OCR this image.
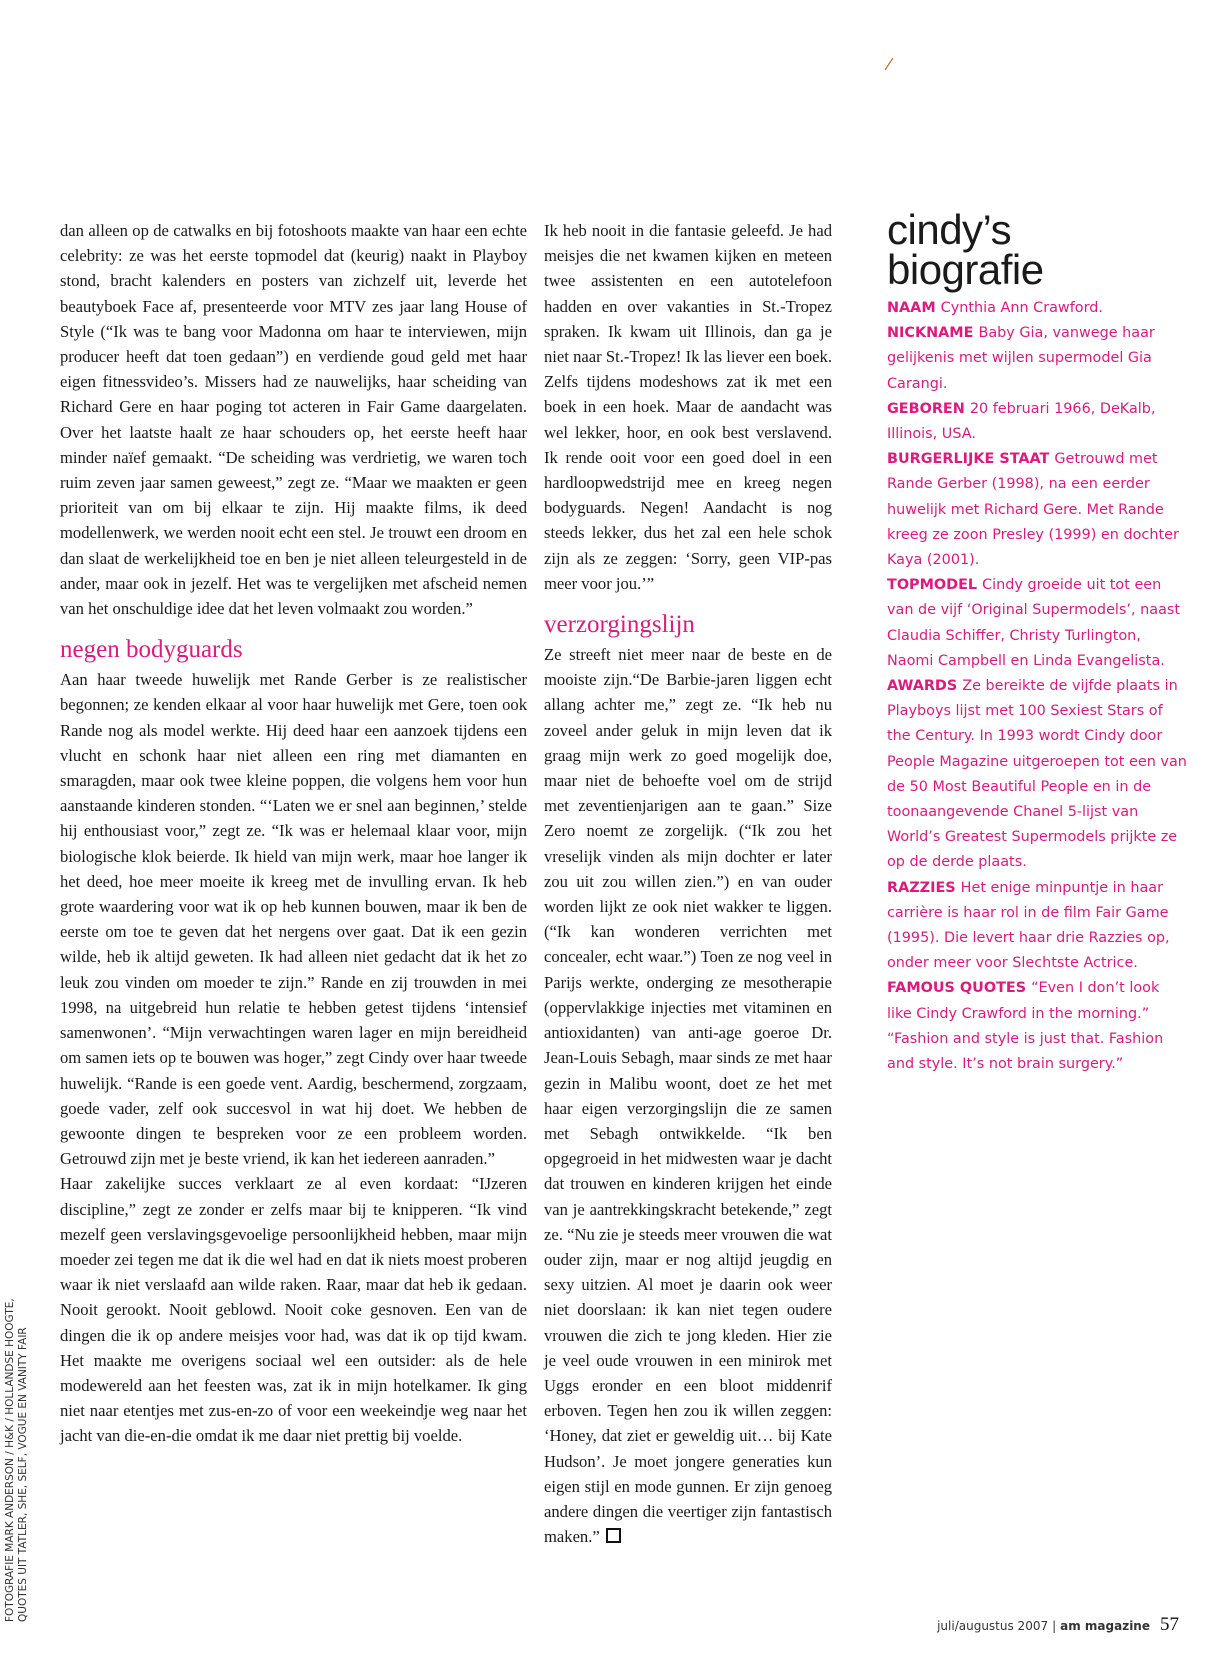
dan alleen op de catwalks en bij fotoshoots maakte van haar een echte celebrity: ze was het eerste topmodel dat (keurig) naakt in Playboy stond, bracht kalenders en posters van zichzelf uit, leverde het beautyboek Face af, presenteerde voor MTV zes jaar lang House of Style (“Ik was te bang voor Madonna om haar te interviewen, mijn producer heeft dat toen gedaan”) en verdiende goud geld met haar eigen fitnessvideo’s. Missers had ze nauwelijks, haar scheiding van Richard Gere en haar poging tot acteren in Fair Game daargelaten. Over het laatste haalt ze haar schouders op, het eerste heeft haar minder naïef gemaakt. “De scheiding was verdrietig, we waren toch ruim zeven jaar samen geweest,” zegt ze. “Maar we maakten er geen prioriteit van om bij elkaar te zijn. Hij maakte films, ik deed modellenwerk, we werden nooit echt een stel. Je trouwt een droom en dan slaat de werkelijkheid toe en ben je niet alleen teleurgesteld in de ander, maar ook in jezelf. Het was te vergelijken met afscheid nemen van het onschuldige idee dat het leven volmaakt zou worden.”

negen bodyguards

Aan haar tweede huwelijk met Rande Gerber is ze realistischer begonnen; ze kenden elkaar al voor haar huwelijk met Gere, toen ook Rande nog als model werkte. Hij deed haar een aanzoek tijdens een vlucht en schonk haar niet alleen een ring met diamanten en smaragden, maar ook twee kleine poppen, die volgens hem voor hun aanstaande kinderen stonden. “‘Laten we er snel aan beginnen,’ stelde hij enthousiast voor,” zegt ze. “Ik was er helemaal klaar voor, mijn biologische klok beierde. Ik hield van mijn werk, maar hoe langer ik het deed, hoe meer moeite ik kreeg met de invulling ervan. Ik heb grote waardering voor wat ik op heb kunnen bouwen, maar ik ben de eerste om toe te geven dat het nergens over gaat. Dat ik een gezin wilde, heb ik altijd geweten. Ik had alleen niet gedacht dat ik het zo leuk zou vinden om moeder te zijn.” Rande en zij trouwden in mei 1998, na uitgebreid hun relatie te hebben getest tijdens ‘intensief samenwonen’. “Mijn verwachtingen waren lager en mijn bereidheid om samen iets op te bouwen was hoger,” zegt Cindy over haar tweede huwelijk. “Rande is een goede vent. Aardig, beschermend, zorgzaam, goede vader, zelf ook succesvol in wat hij doet. We hebben de gewoonte dingen te bespreken voor ze een probleem worden. Getrouwd zijn met je beste vriend, ik kan het iedereen aanraden.”

Haar zakelijke succes verklaart ze al even kordaat: “IJzeren discipline,” zegt ze zonder er zelfs maar bij te knipperen. “Ik vind mezelf geen verslavingsgevoelige persoonlijkheid hebben, maar mijn moeder zei tegen me dat ik die wel had en dat ik niets moest proberen waar ik niet verslaafd aan wilde raken. Raar, maar dat heb ik gedaan. Nooit gerookt. Nooit geblowd. Nooit coke gesnoven. Een van de dingen die ik op andere meisjes voor had, was dat ik op tijd kwam. Het maakte me overigens sociaal wel een outsider: als de hele modewereld aan het feesten was, zat ik in mijn hotelkamer. Ik ging niet naar etentjes met zus-en-zo of voor een weekeindje weg naar het jacht van die-en-die omdat ik me daar niet prettig bij voelde.

Ik heb nooit in die fantasie geleefd. Je had meisjes die net kwamen kijken en meteen twee assistenten en een autotelefoon hadden en over vakanties in St.-Tropez spraken. Ik kwam uit Illinois, dan ga je niet naar St.-Tropez! Ik las liever een boek. Zelfs tijdens modeshows zat ik met een boek in een hoek. Maar de aandacht was wel lekker, hoor, en ook best verslavend. Ik rende ooit voor een goed doel in een hardloopwedstrijd mee en kreeg negen bodyguards. Negen! Aandacht is nog steeds lekker, dus het zal een hele schok zijn als ze zeggen: ‘Sorry, geen VIP-pas meer voor jou.’”

verzorgingslijn

Ze streeft niet meer naar de beste en de mooiste zijn.“De Barbie-jaren liggen echt allang achter me,” zegt ze. “Ik heb nu zoveel ander geluk in mijn leven dat ik graag mijn werk zo goed mogelijk doe, maar niet de behoefte voel om de strijd met zeventienjarigen aan te gaan.” Size Zero noemt ze zorgelijk. (“Ik zou het vreselijk vinden als mijn dochter er later zou uit zou willen zien.”) en van ouder worden lijkt ze ook niet wakker te liggen. (“Ik kan wonderen verrichten met concealer, echt waar.”) Toen ze nog veel in Parijs werkte, onderging ze mesotherapie (oppervlakkige injecties met vitaminen en antioxidanten) van anti-age goeroe Dr. Jean-Louis Sebagh, maar sinds ze met haar gezin in Malibu woont, doet ze het met haar eigen verzorgingslijn die ze samen met Sebagh ontwikkelde. “Ik ben opgegroeid in het midwesten waar je dacht dat trouwen en kinderen krijgen het einde van je aantrekkingskracht betekende,” zegt ze. “Nu zie je steeds meer vrouwen die wat ouder zijn, maar er nog altijd jeugdig en sexy uitzien. Al moet je daarin ook weer niet doorslaan: ik kan niet tegen oudere vrouwen die zich te jong kleden. Hier zie je veel oude vrouwen in een minirok met Uggs eronder en een bloot middenrif erboven. Tegen hen zou ik willen zeggen: ‘Honey, dat ziet er geweldig uit… bij Kate Hudson’. Je moet jongere generaties kun eigen stijl en mode gunnen. Er zijn genoeg andere dingen die veertiger zijn fantastisch maken.”

cindy’s
biografie
NAAM Cynthia Ann Crawford.
NICKNAME Baby Gia, vanwege haar gelijkenis met wijlen supermodel Gia Carangi.
GEBOREN 20 februari 1966, DeKalb, Illinois, USA.
BURGERLIJKE STAAT Getrouwd met Rande Gerber (1998), na een eerder huwelijk met Richard Gere. Met Rande kreeg ze zoon Presley (1999) en dochter Kaya (2001).
TOPMODEL Cindy groeide uit tot een van de vijf ‘Original Supermodels’, naast Claudia Schiffer, Christy Turlington, Naomi Campbell en Linda Evangelista.
AWARDS Ze bereikte de vijfde plaats in Playboys lijst met 100 Sexiest Stars of the Century. In 1993 wordt Cindy door People Magazine uitgeroepen tot een van de 50 Most Beautiful People en in de toonaangevende Chanel 5-lijst van World’s Greatest Supermodels prijkte ze op de derde plaats.
RAZZIES Het enige minpuntje in haar carrière is haar rol in de film Fair Game (1995). Die levert haar drie Razzies op, onder meer voor Slechtste Actrice.
FAMOUS QUOTES “Even I don’t look like Cindy Crawford in the morning.” “Fashion and style is just that. Fashion and style. It’s not brain surgery.”
FOTOGRAFIE MARK ANDERSON / H&K / HOLLANDSE HOOGTE, QUOTES UIT TATLER, SHE, SELF, VOGUE EN VANITY FAIR
juli/augustus 2007 | am magazine 57
